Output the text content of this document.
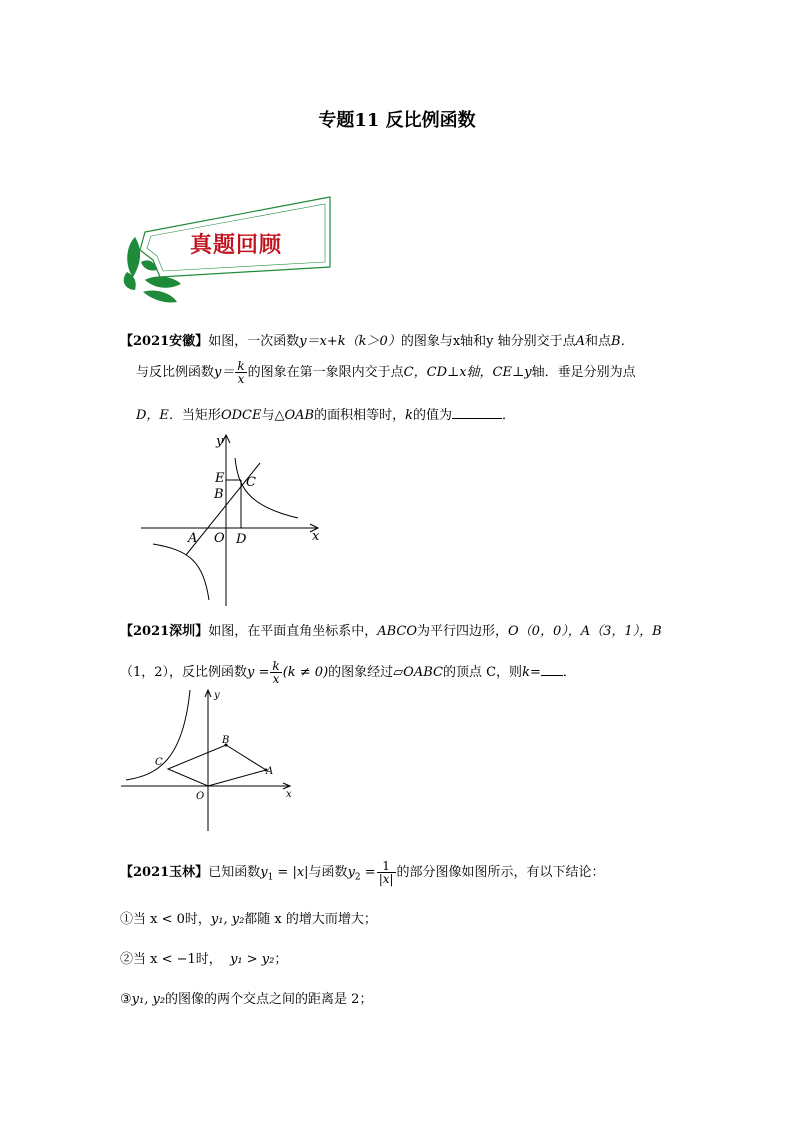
专题11 反比例函数
真题回顾
【2021安徽】如图，一次函数y＝x+k（k＞0）的图象与x轴和y 轴分别交于点A和点B．
与反比例函数$y= \frac{k}{x}$ 的图象在第一象限内交于点C，CD⊥x轴，CE⊥y轴．垂足分别为点
D，E．当矩形ODCE与△OAB的面积相等时，k的值为	．
y
x
E
B
C
A O D
【2021深圳】如图，在平面直角坐标系中，ABCO为平行四边形，O（0，0），A（3，1），B
（1，2），反比例函数$y = \frac{k}{x} (k \ne 0)$的图象经过▱OABC的顶点 C，则k= ．
y
x
B
C
A
O
【2021玉林】已知函数$y_1 = |x|$与函数$y_2 = \frac{1}{|x|}$ 的部分图像如图所示，有以下结论：
①当 x < 0时，y₁, y₂都随 x 的增大而增大；
②当 x < −1时， y₁ > y₂；
③y₁, y₂的图像的两个交点之间的距离是 2；
